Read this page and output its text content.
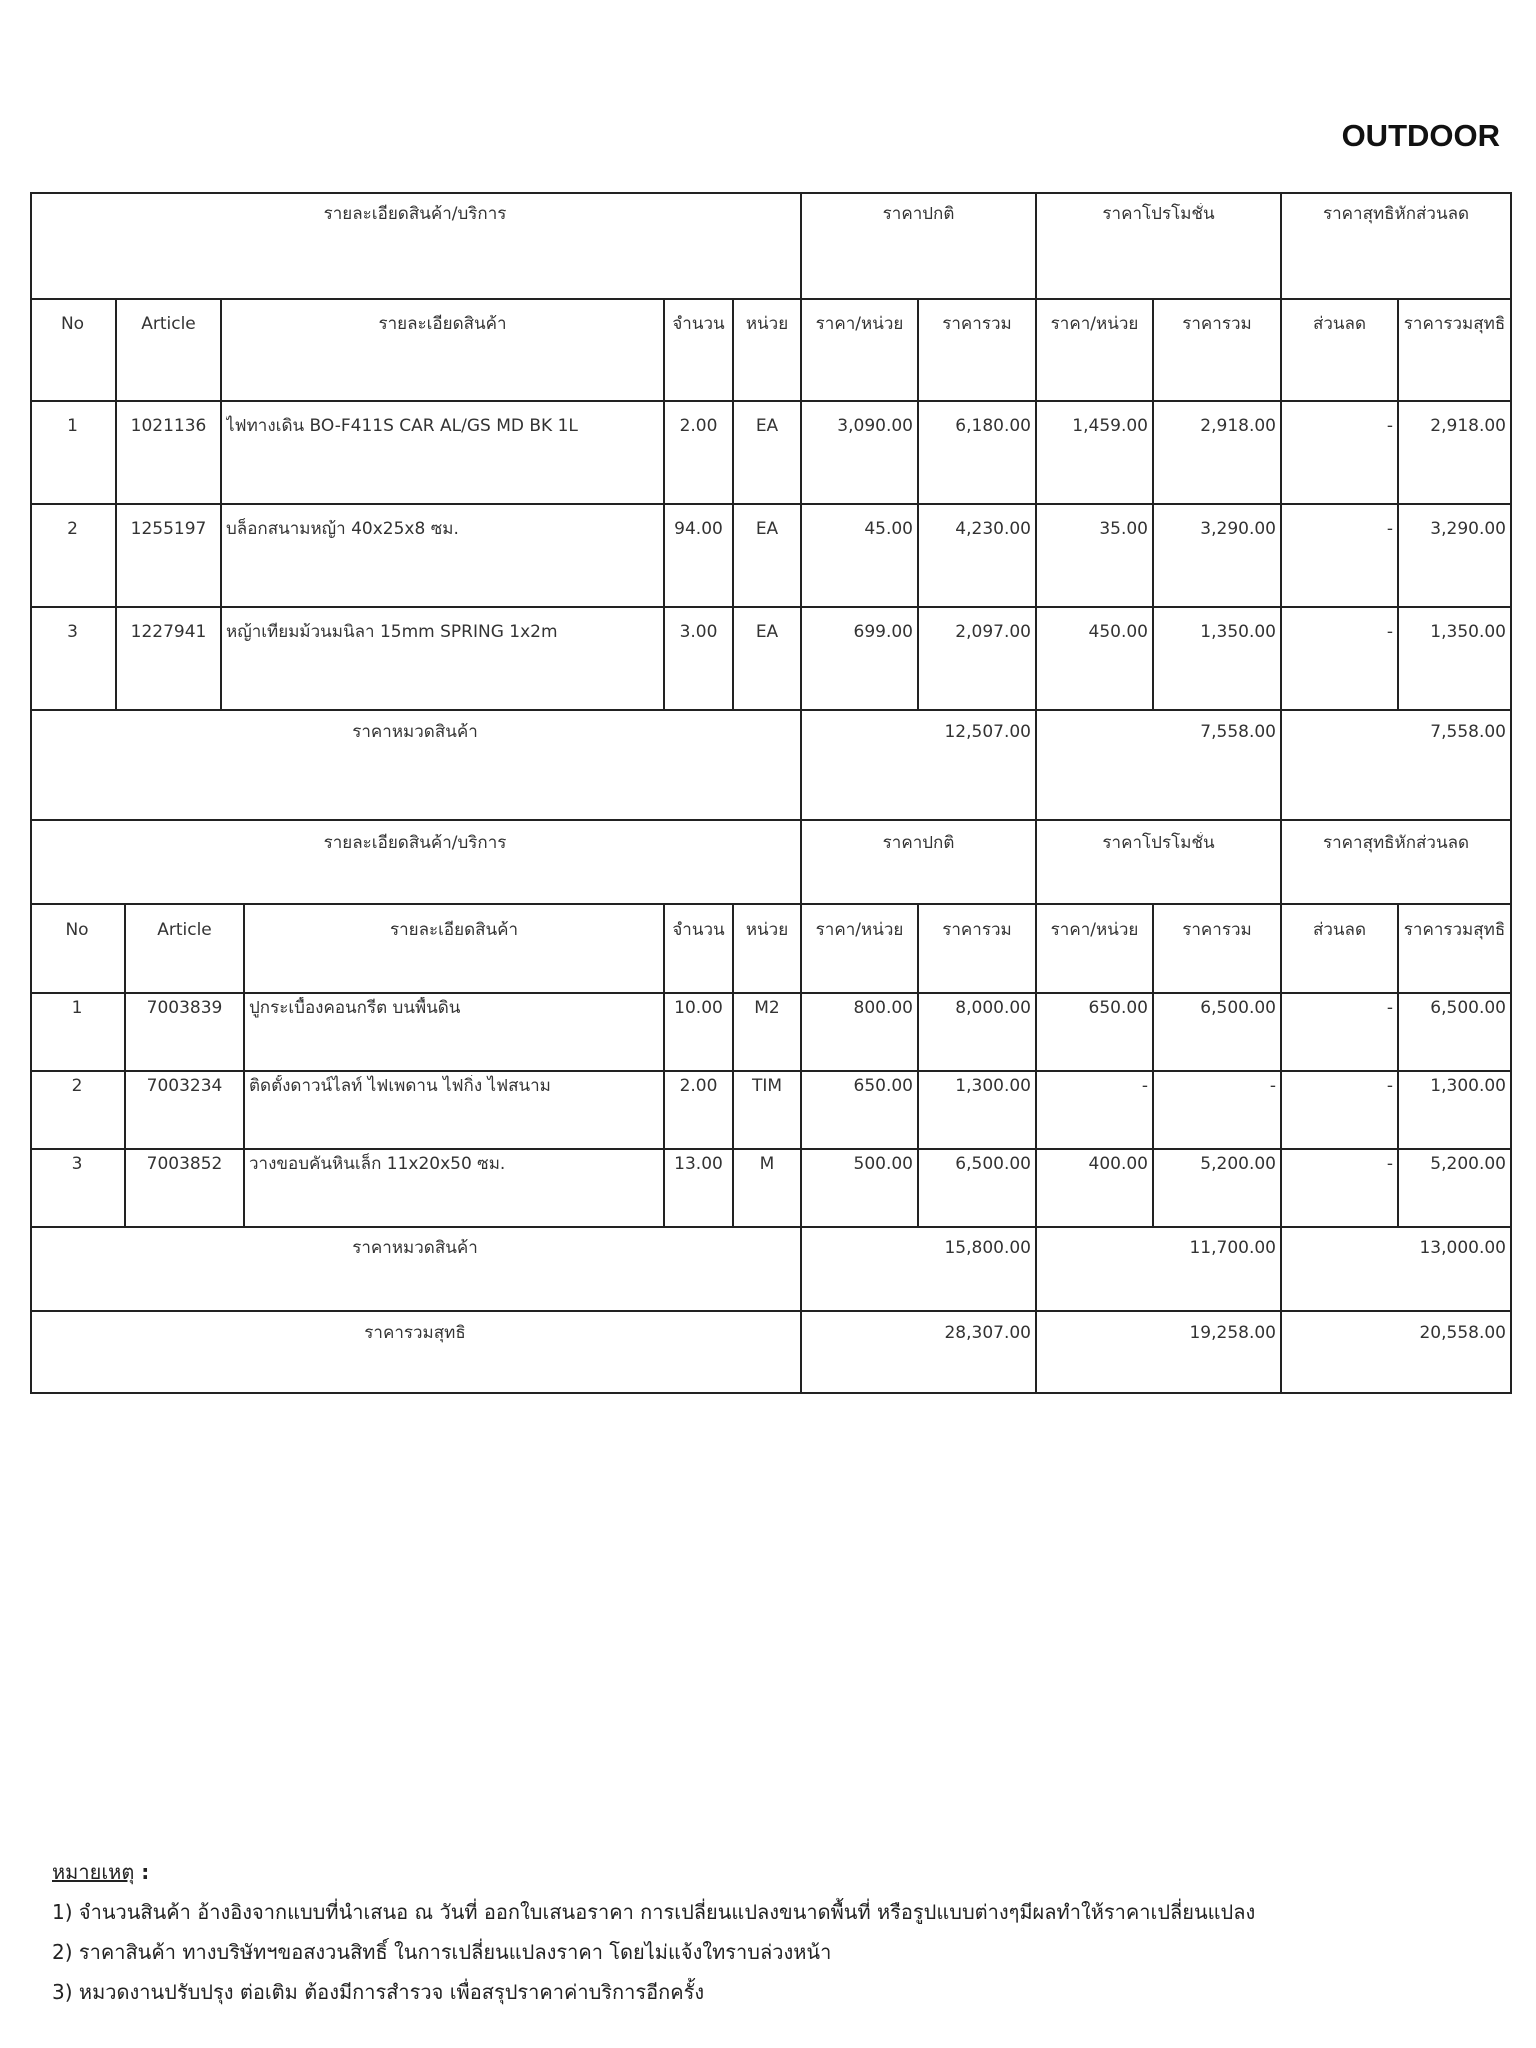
OUTDOOR
รายละเอียดสินค้า/บริการ	ราคาปกติ	ราคาโปรโมชั่น	ราคาสุทธิหักส่วนลด
No	Article	รายละเอียดสินค้า	จำนวน	หน่วย	ราคา/หน่วย	ราคารวม	ราคา/หน่วย	ราคารวม	ส่วนลด	ราคารวมสุทธิ
1	1021136	ไฟทางเดิน BO-F411S CAR AL/GS MD BK 1L	2.00	EA	3,090.00	6,180.00	1,459.00	2,918.00	-	2,918.00
2	1255197	บล็อกสนามหญ้า 40x25x8 ซม.	94.00	EA	45.00	4,230.00	35.00	3,290.00	-	3,290.00
3	1227941	หญ้าเทียมม้วนมนิลา 15mm SPRING 1x2m	3.00	EA	699.00	2,097.00	450.00	1,350.00	-	1,350.00
ราคาหมวดสินค้า	12,507.00	7,558.00	7,558.00
รายละเอียดสินค้า/บริการ	ราคาปกติ	ราคาโปรโมชั่น	ราคาสุทธิหักส่วนลด
No	Article	รายละเอียดสินค้า	จำนวน	หน่วย	ราคา/หน่วย	ราคารวม	ราคา/หน่วย	ราคารวม	ส่วนลด	ราคารวมสุทธิ
1	7003839	ปูกระเบื้องคอนกรีต บนพื้นดิน	10.00	M2	800.00	8,000.00	650.00	6,500.00	-	6,500.00
2	7003234	ติดตั้งดาวน์ไลท์ ไฟเพดาน ไฟกิ่ง ไฟสนาม	2.00	TIM	650.00	1,300.00	-	-	-	1,300.00
3	7003852	วางขอบคันหินเล็ก 11x20x50 ซม.	13.00	M	500.00	6,500.00	400.00	5,200.00	-	5,200.00
ราคาหมวดสินค้า	15,800.00	11,700.00	13,000.00
ราคารวมสุทธิ	28,307.00	19,258.00	20,558.00
หมายเหตุ :
1) จำนวนสินค้า อ้างอิงจากแบบที่นำเสนอ ณ วันที่ ออกใบเสนอราคา การเปลี่ยนแปลงขนาดพื้นที่ หรือรูปแบบต่างๆมีผลทำให้ราคาเปลี่ยนแปลง
2) ราคาสินค้า ทางบริษัทฯขอสงวนสิทธิ์ ในการเปลี่ยนแปลงราคา โดยไม่แจ้งใทราบล่วงหน้า
3) หมวดงานปรับปรุง ต่อเติม ต้องมีการสำรวจ เพื่อสรุปราคาค่าบริการอีกครั้ง
